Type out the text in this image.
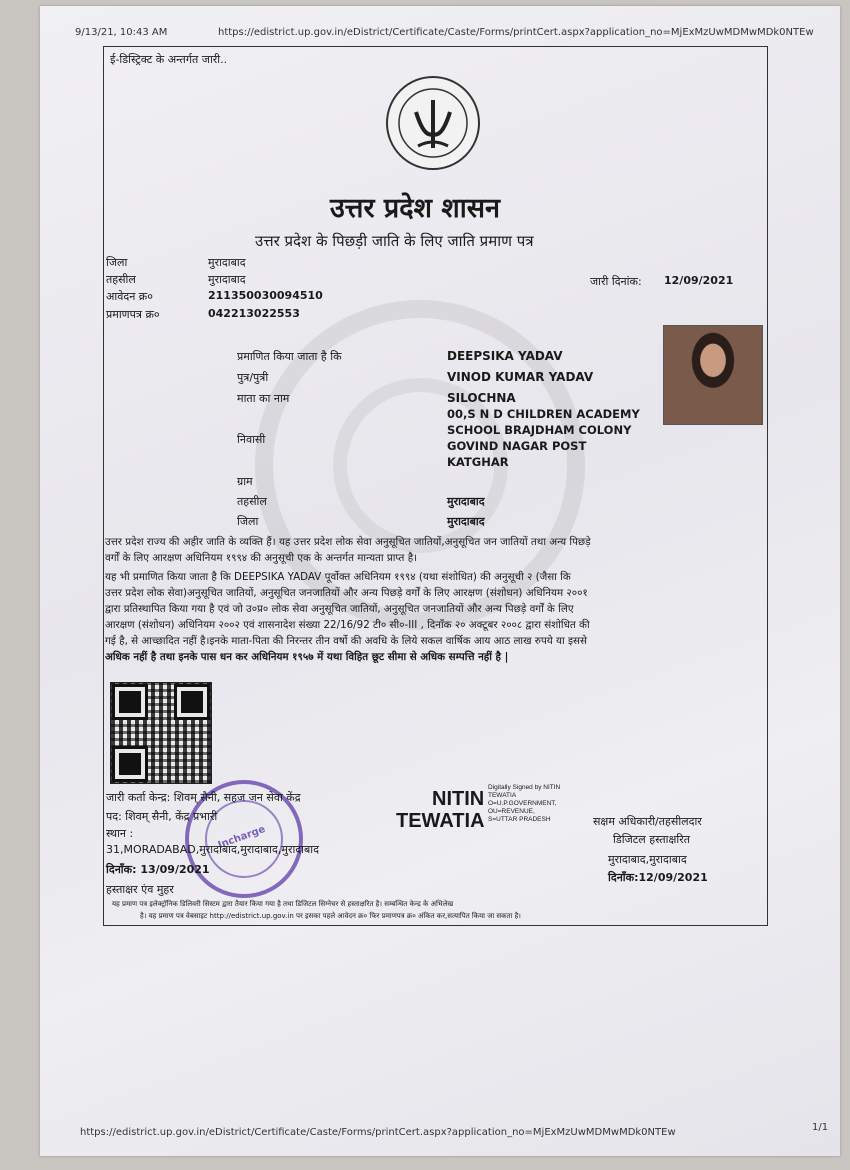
9/13/21, 10:43 AM	https://edistrict.up.gov.in/eDistrict/Certificate/Caste/Forms/printCert.aspx?application_no=MjExMzUwMDMwMDk0NTEw
ई-डिस्ट्रिक्ट के अन्तर्गत जारी..
उत्तर प्रदेश शासन
उत्तर प्रदेश के पिछड़ी जाति के लिए जाति प्रमाण पत्र
जिला	मुरादाबाद
तहसील	मुरादाबाद
आवेदन क्र०	211350030094510
प्रमाणपत्र क्र०	042213022553
जारी दिनांक: 12/09/2021
प्रमाणित किया जाता है कि	DEEPSIKA YADAV
पुत्र/पुत्री	VINOD KUMAR YADAV
माता का नाम	SILOCHNA
निवासी
00,S N D CHILDREN ACADEMY
SCHOOL BRAJDHAM COLONY
GOVIND NAGAR POST
KATGHAR
ग्राम
तहसील	मुरादाबाद
जिला	मुरादाबाद
उत्तर प्रदेश राज्य की अहीर जाति के व्यक्ति हैं। यह उत्तर प्रदेश लोक सेवा अनुसूचित जातियों,अनुसूचित जन जातियों तथा अन्य पिछड़े
वर्गों के लिए आरक्षण अधिनियम १९९४ की अनुसूची एक के अन्तर्गत मान्यता प्राप्त है।
यह भी प्रमाणित किया जाता है कि DEEPSIKA YADAV पूर्वोक्त अधिनियम १९९४ (यथा संशोधित) की अनुसूची २ (जैसा कि
उत्तर प्रदेश लोक सेवा)अनुसूचित जातियों, अनुसूचित जनजातियों और अन्य पिछड़े वर्गों के लिए आरक्षण (संशोधन) अधिनियम २००१
द्वारा प्रतिस्थापित किया गया है एवं जो उ०प्र० लोक सेवा अनुसूचित जातियों, अनुसूचित जनजातियों और अन्य पिछड़े वर्गों के लिए
आरक्षण (संशोधन) अधिनियम २००२ एवं शासनादेश संख्या 22/16/92 टी० सी०-III , दिनाँक २० अक्टूबर २००८ द्वारा संशोधित की
गई है, से आच्छादित नहीं है।इनके माता-पिता की निरन्तर तीन वर्षो की अवधि के लिये सकल वार्षिक आय आठ लाख रुपये या इससे
अधिक नहीं है तथा इनके पास धन कर अधिनियम १९५७ में यथा विहित छूट सीमा से अधिक सम्पत्ति नहीं है |
Incharge
जारी कर्ता केन्द्र: शिवम् सैनी, सहज जन सेवा केंद्र
पद: शिवम् सैनी, केंद्र प्रभारी
स्थान :
31,MORADABAD,मुरादाबाद,मुरादाबाद,मुरादाबाद
दिनाँक: 13/09/2021
हस्ताक्षर एंव मुहर
NITIN
TEWATIA
Digitally Signed by NITIN
TEWATIA
O=U.P.GOVERNMENT,
OU=REVENUE,
S=UTTAR PRADESH	सक्षम अधिकारी/तहसीलदार
डिजिटल हस्ताक्षरित
मुरादाबाद,मुरादाबाद
दिनाँक:12/09/2021
यह प्रमाण पत्र इलेक्ट्रॉनिक डिलिवरी सिस्टम द्वारा तैयार किया गया है तथा डिजिटल सिग्नेचर से हस्ताक्षरित है। सम्बन्धित केन्द्र के अभिलेख
है। यह प्रमाण पत्र वेबसाइट http://edistrict.up.gov.in पर इसका पहले आवेदन क्र० फिर प्रमाणपत्र क्र० अंकित कर,सत्यापित किया जा सकता है।
https://edistrict.up.gov.in/eDistrict/Certificate/Caste/Forms/printCert.aspx?application_no=MjExMzUwMDMwMDk0NTEw	1/1
